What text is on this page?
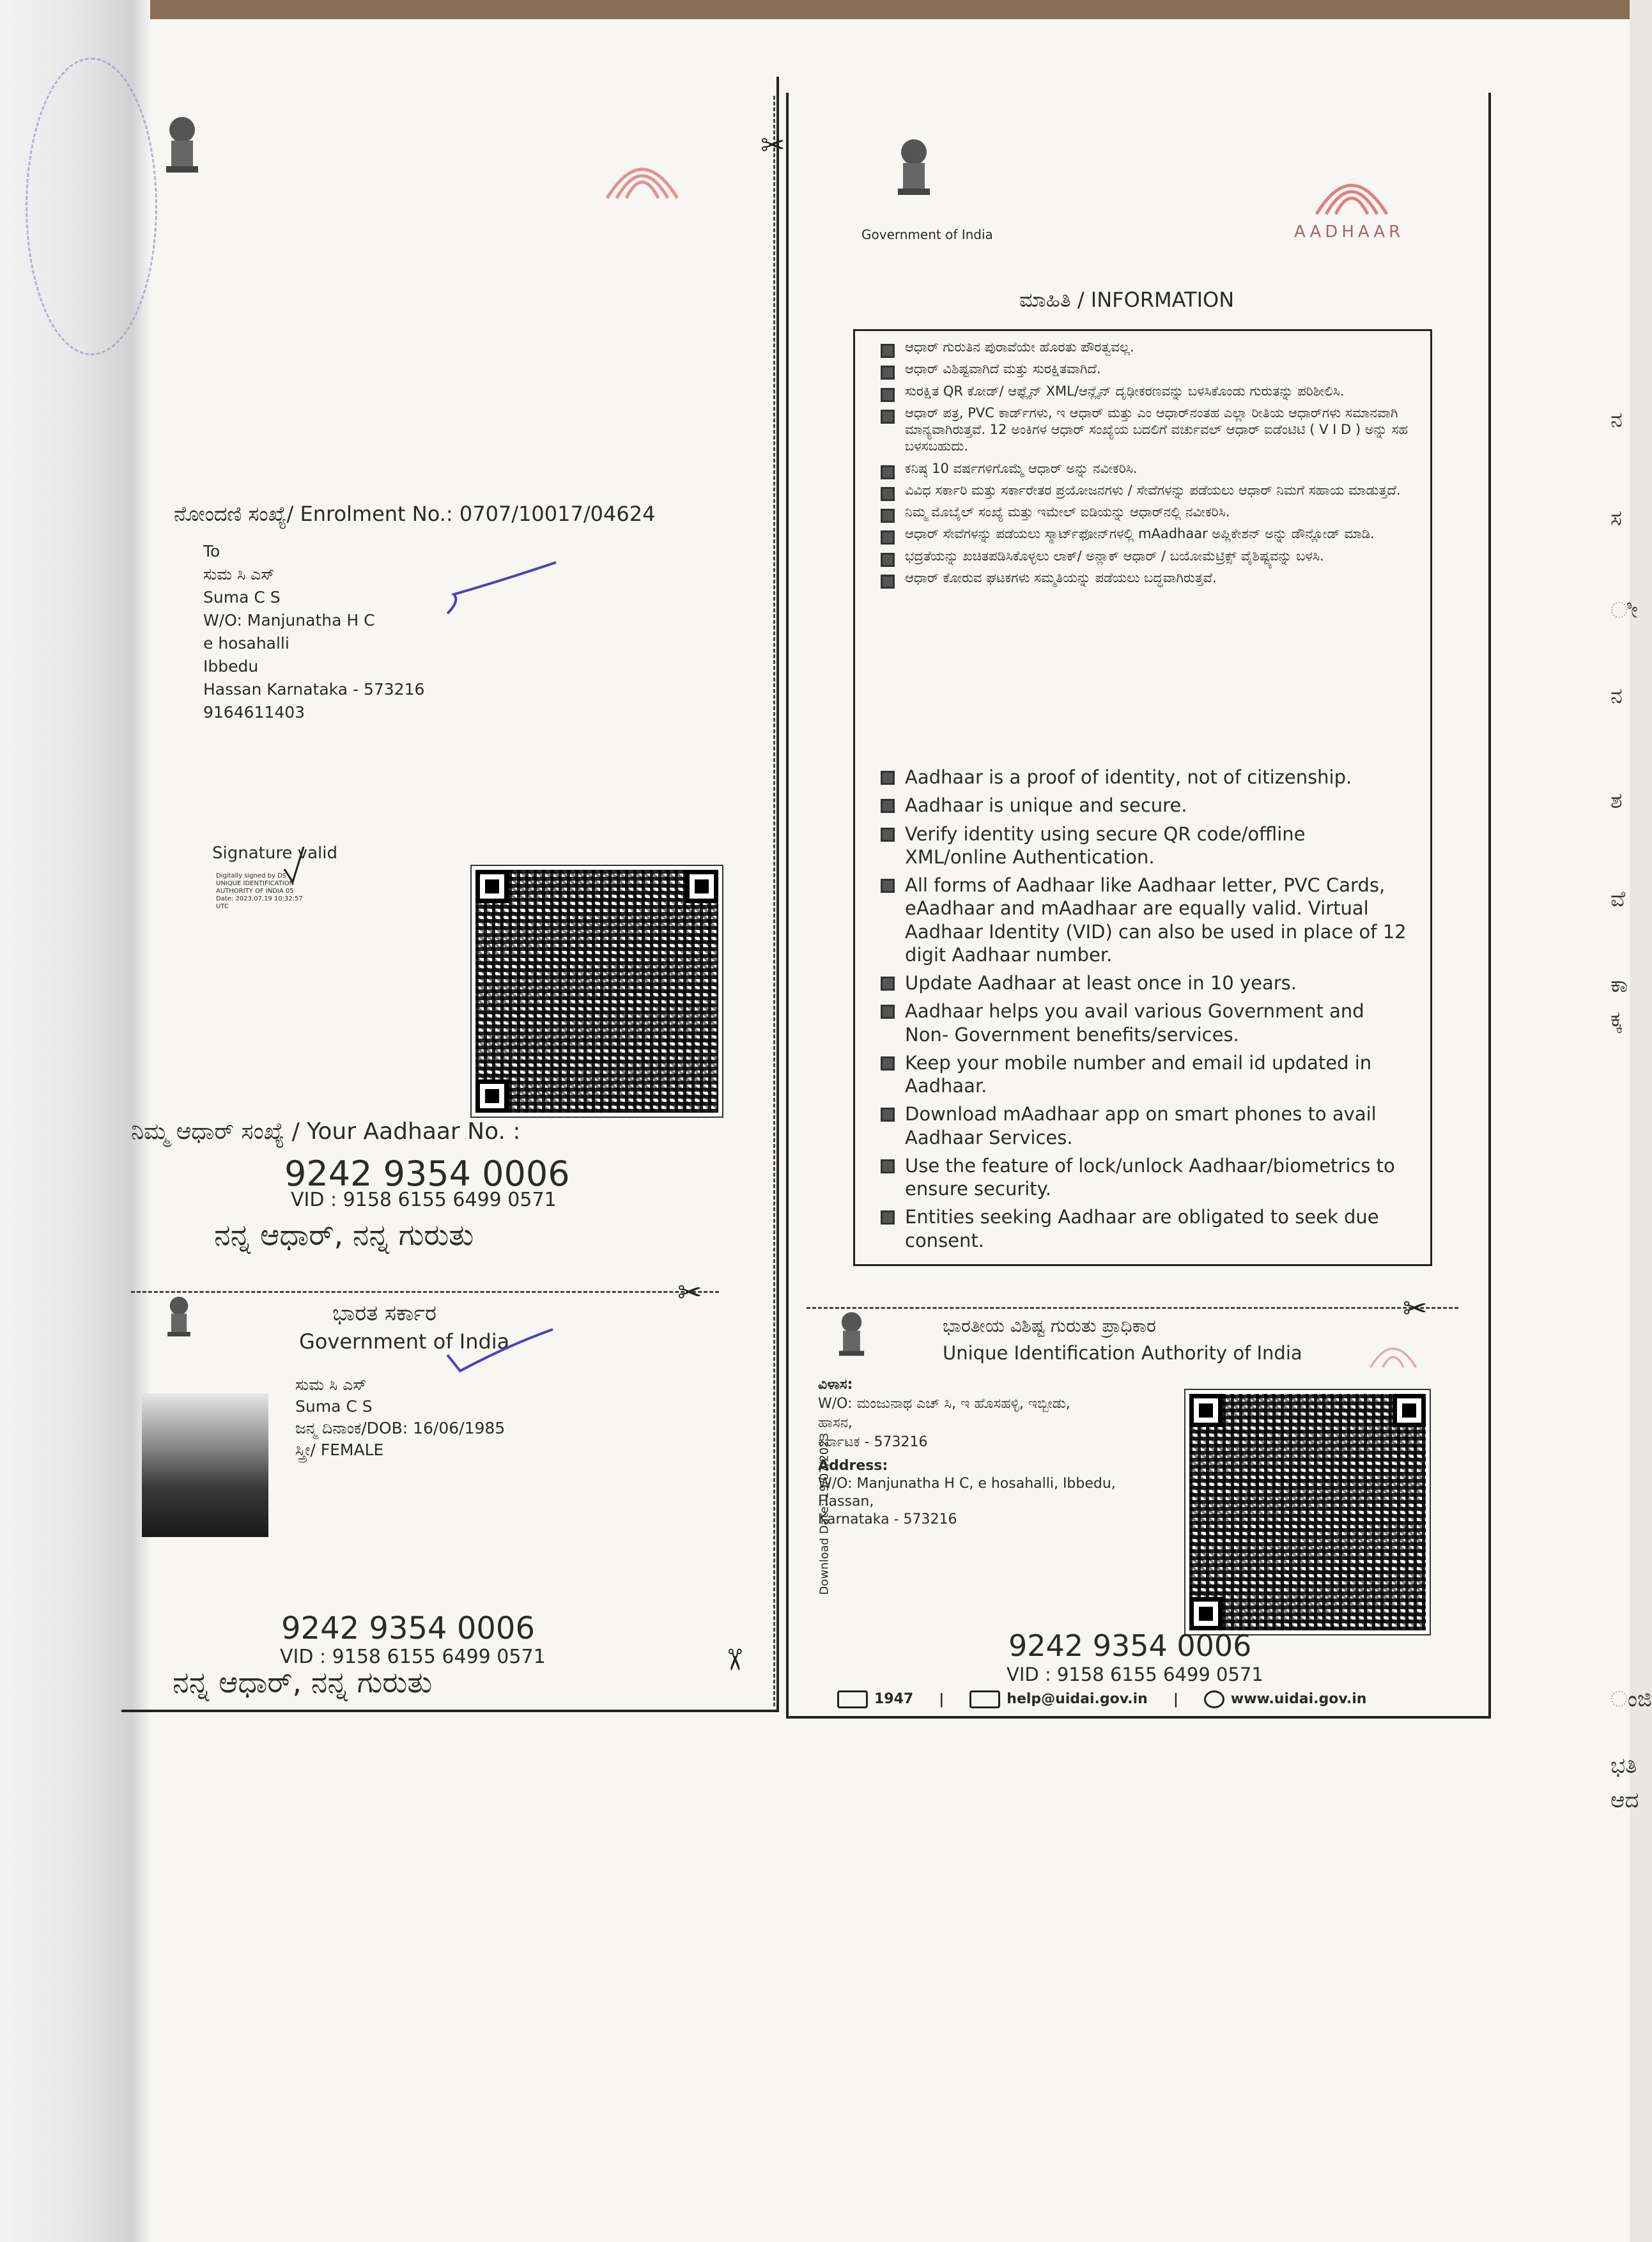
ನ
ಸ
ೀ
ನ
ಶ
ವೆ
ಕಾ
ಕ್ಕ
ಂಜಿ
ಭತಿ
ಆದ
✂
✂	✂
✂
ನೋಂದಣಿ ಸಂಖ್ಯೆ/ Enrolment No.: 0707/10017/04624
To
ಸುಮ ಸಿ ಎಸ್
Suma C S
W/O: Manjunatha H C
e hosahalli
Ibbedu
Hassan Karnataka - 573216
9164611403
Signature valid
Digitally signed by DS
UNIQUE IDENTIFICATION
AUTHORITY OF INDIA 05
Date: 2023.07.19 10:32:57
UTC
ನಿಮ್ಮ ಆಧಾರ್ ಸಂಖ್ಯೆ / Your Aadhaar No. :
9242 9354 0006
VID : 9158 6155 6499 0571
ನನ್ನ ಆಧಾರ್, ನನ್ನ ಗುರುತು
ಭಾರತ ಸರ್ಕಾರ
Government of India
ಸುಮ ಸಿ ಎಸ್
Suma C S
ಜನ್ಮ ದಿನಾಂಕ/DOB: 16/06/1985
ಸ್ತ್ರೀ/ FEMALE
9242 9354 0006
VID : 9158 6155 6499 0571
ನನ್ನ ಆಧಾರ್, ನನ್ನ ಗುರುತು
Government of India	AADHAAR
ಮಾಹಿತಿ / INFORMATION
ಆಧಾರ್ ಗುರುತಿನ ಪುರಾವೆಯೇ ಹೊರತು ಪೌರತ್ವವಲ್ಲ.
ಆಧಾರ್ ವಿಶಿಷ್ಟವಾಗಿದೆ ಮತ್ತು ಸುರಕ್ಷಿತವಾಗಿದೆ.
ಸುರಕ್ಷಿತ QR ಕೋಡ್/ ಆಫ್ಲೈನ್ XML/ಆನ್ಲೈನ್ ದೃಢೀಕರಣವನ್ನು ಬಳಸಿಕೊಂಡು ಗುರುತನ್ನು ಪರಿಶೀಲಿಸಿ.
ಆಧಾರ್ ಪತ್ರ, PVC ಕಾರ್ಡ್‌ಗಳು, ಇ ಆಧಾರ್ ಮತ್ತು ಎಂ ಆಧಾರ್‌ನಂತಹ ಎಲ್ಲಾ ರೀತಿಯ ಆಧಾರ್‌ಗಳು ಸಮಾನವಾಗಿ ಮಾನ್ಯವಾಗಿರುತ್ತವೆ. 12 ಅಂಕಿಗಳ ಆಧಾರ್ ಸಂಖ್ಯೆಯ ಬದಲಿಗೆ ವರ್ಚುವಲ್ ಆಧಾರ್ ಐಡೆಂಟಿಟಿ ( V I D ) ಅನ್ನು ಸಹ ಬಳಸಬಹುದು.
ಕನಿಷ್ಠ 10 ವರ್ಷಗಳಿಗೊಮ್ಮೆ ಆಧಾರ್ ಅನ್ನು ನವೀಕರಿಸಿ.
ವಿವಿಧ ಸರ್ಕಾರಿ ಮತ್ತು ಸರ್ಕಾರೇತರ ಪ್ರಯೋಜನಗಳು / ಸೇವೆಗಳನ್ನು ಪಡೆಯಲು ಆಧಾರ್ ನಿಮಗೆ ಸಹಾಯ ಮಾಡುತ್ತದೆ.
ನಿಮ್ಮ ಮೊಬೈಲ್ ಸಂಖ್ಯೆ ಮತ್ತು ಇಮೇಲ್ ಐಡಿಯನ್ನು ಆಧಾರ್‌ನಲ್ಲಿ ನವೀಕರಿಸಿ.
ಆಧಾರ್ ಸೇವೆಗಳನ್ನು ಪಡೆಯಲು ಸ್ಮಾರ್ಟ್‌ಫೋನ್‌ಗಳಲ್ಲಿ mAadhaar ಅಪ್ಲಿಕೇಶನ್ ಅನ್ನು ಡೌನ್ಲೋಡ್ ಮಾಡಿ.
ಭದ್ರತೆಯನ್ನು ಖಚಿತಪಡಿಸಿಕೊಳ್ಳಲು ಲಾಕ್/ ಅನ್ಲಾಕ್ ಆಧಾರ್ / ಬಯೋಮೆಟ್ರಿಕ್ಸ್ ವೈಶಿಷ್ಟ್ಯವನ್ನು ಬಳಸಿ.
ಆಧಾರ್ ಕೋರುವ ಘಟಕಗಳು ಸಮ್ಮತಿಯನ್ನು ಪಡೆಯಲು ಬದ್ಧವಾಗಿರುತ್ತವೆ.
Aadhaar is a proof of identity, not of citizenship.
Aadhaar is unique and secure.
Verify identity using secure QR code/offline XML/online Authentication.
All forms of Aadhaar like Aadhaar letter, PVC Cards, eAadhaar and mAadhaar are equally valid. Virtual Aadhaar Identity (VID) can also be used in place of 12 digit Aadhaar number.
Update Aadhaar at least once in 10 years.
Aadhaar helps you avail various Government and Non- Government benefits/services.
Keep your mobile number and email id updated in Aadhaar.
Download mAadhaar app on smart phones to avail Aadhaar Services.
Use the feature of lock/unlock Aadhaar/biometrics to ensure security.
Entities seeking Aadhaar are obligated to seek due consent.
ಭಾರತೀಯ ವಿಶಿಷ್ಟ ಗುರುತು ಪ್ರಾಧಿಕಾರ
Unique Identification Authority of India
ವಿಳಾಸ:
W/O: ಮಂಜುನಾಥ ಎಚ್ ಸಿ, ಇ ಹೊಸಹಳ್ಳಿ, ಇಬ್ಬೀಡು,
ಹಾಸನ,
ಕರ್ನಾಟಕ - 573216
Address:
W/O: Manjunatha H C, e hosahalli, Ibbedu,
Hassan,
Karnataka - 573216
Download Date: 19/07/2023
9242 9354 0006
VID : 9158 6155 6499 0571
1947 |	help@uidai.gov.in |	www.uidai.gov.in
